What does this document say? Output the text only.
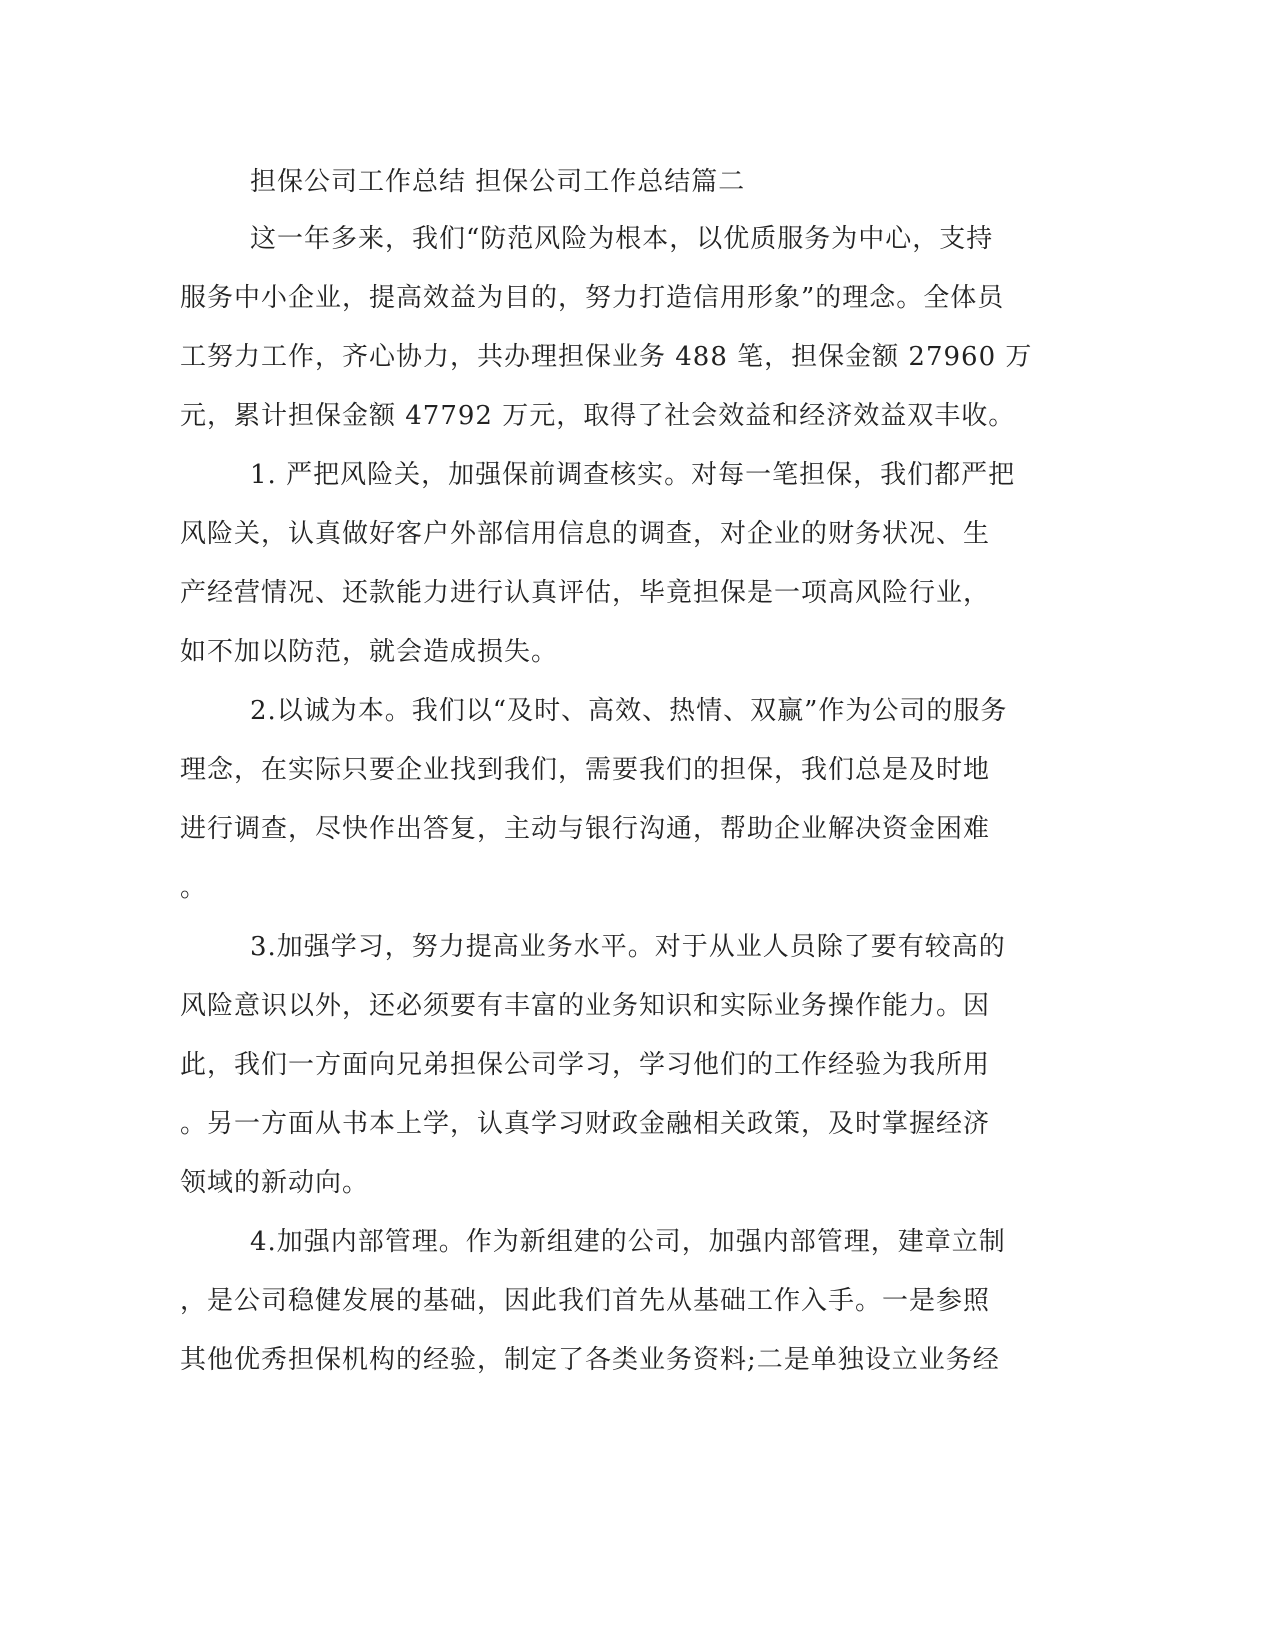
担保公司工作总结 担保公司工作总结篇二
这一年多来，我们“防范风险为根本，以优质服务为中心，支持
服务中小企业，提高效益为目的，努力打造信用形象”的理念。全体员
工努力工作，齐心协力，共办理担保业务 488 笔，担保金额 27960 万
元，累计担保金额 47792 万元，取得了社会效益和经济效益双丰收。
1. 严把风险关，加强保前调查核实。对每一笔担保，我们都严把
风险关，认真做好客户外部信用信息的调查，对企业的财务状况、生
产经营情况、还款能力进行认真评估，毕竟担保是一项高风险行业，
如不加以防范，就会造成损失。
2.以诚为本。我们以“及时、高效、热情、双赢”作为公司的服务
理念，在实际只要企业找到我们，需要我们的担保，我们总是及时地
进行调查，尽快作出答复，主动与银行沟通，帮助企业解决资金困难
。
3.加强学习，努力提高业务水平。对于从业人员除了要有较高的
风险意识以外，还必须要有丰富的业务知识和实际业务操作能力。因
此，我们一方面向兄弟担保公司学习，学习他们的工作经验为我所用
。另一方面从书本上学，认真学习财政金融相关政策，及时掌握经济
领域的新动向。
4.加强内部管理。作为新组建的公司，加强内部管理，建章立制
，是公司稳健发展的基础，因此我们首先从基础工作入手。一是参照
其他优秀担保机构的经验，制定了各类业务资料;二是单独设立业务经
